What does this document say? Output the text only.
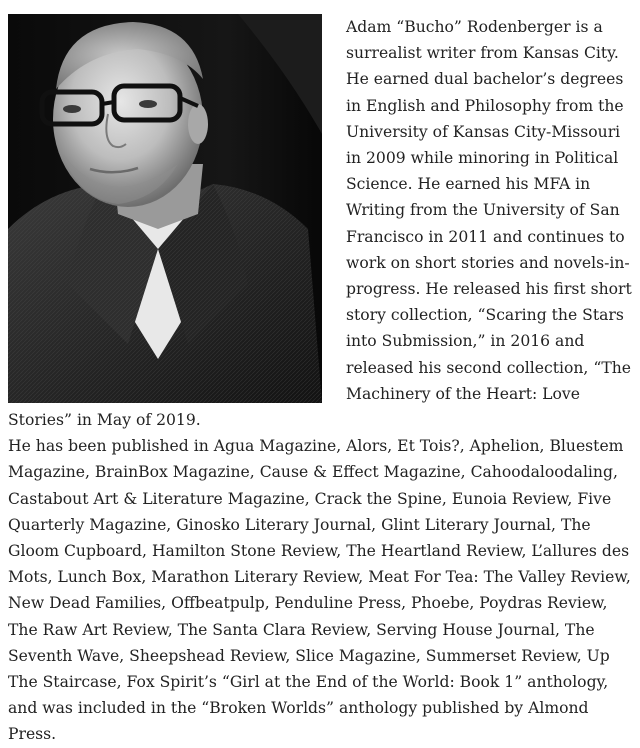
Adam “Bucho” Rodenberger is a surrealist writer from Kansas City. He earned dual bachelor’s degrees in English and Philosophy from the University of Kansas City-Missouri in 2009 while minoring in Political Science. He earned his MFA in Writing from the University of San Francisco in 2011 and continues to work on short stories and novels-in-progress. He released his first short story collection, “Scaring the Stars into Submission,” in 2016 and released his second collection, “The Machinery of the Heart: Love Stories” in May of 2019.

He has been published in Agua Magazine, Alors, Et Tois?, Aphelion, Bluestem Magazine, BrainBox Magazine, Cause & Effect Magazine, Cahoodaloodaling, Castabout Art & Literature Magazine, Crack the Spine, Eunoia Review, Five Quarterly Magazine, Ginosko Literary Journal, Glint Literary Journal, The Gloom Cupboard, Hamilton Stone Review, The Heartland Review, L’allures des Mots, Lunch Box, Marathon Literary Review, Meat For Tea: The Valley Review, New Dead Families, Offbeatpulp, Penduline Press, Phoebe, Poydras Review, The Raw Art Review, The Santa Clara Review, Serving House Journal, The Seventh Wave, Sheepshead Review, Slice Magazine, Summerset Review, Up The Staircase, Fox Spirit’s “Girl at the End of the World: Book 1” anthology, and was included in the “Broken Worlds” anthology published by Almond Press.
